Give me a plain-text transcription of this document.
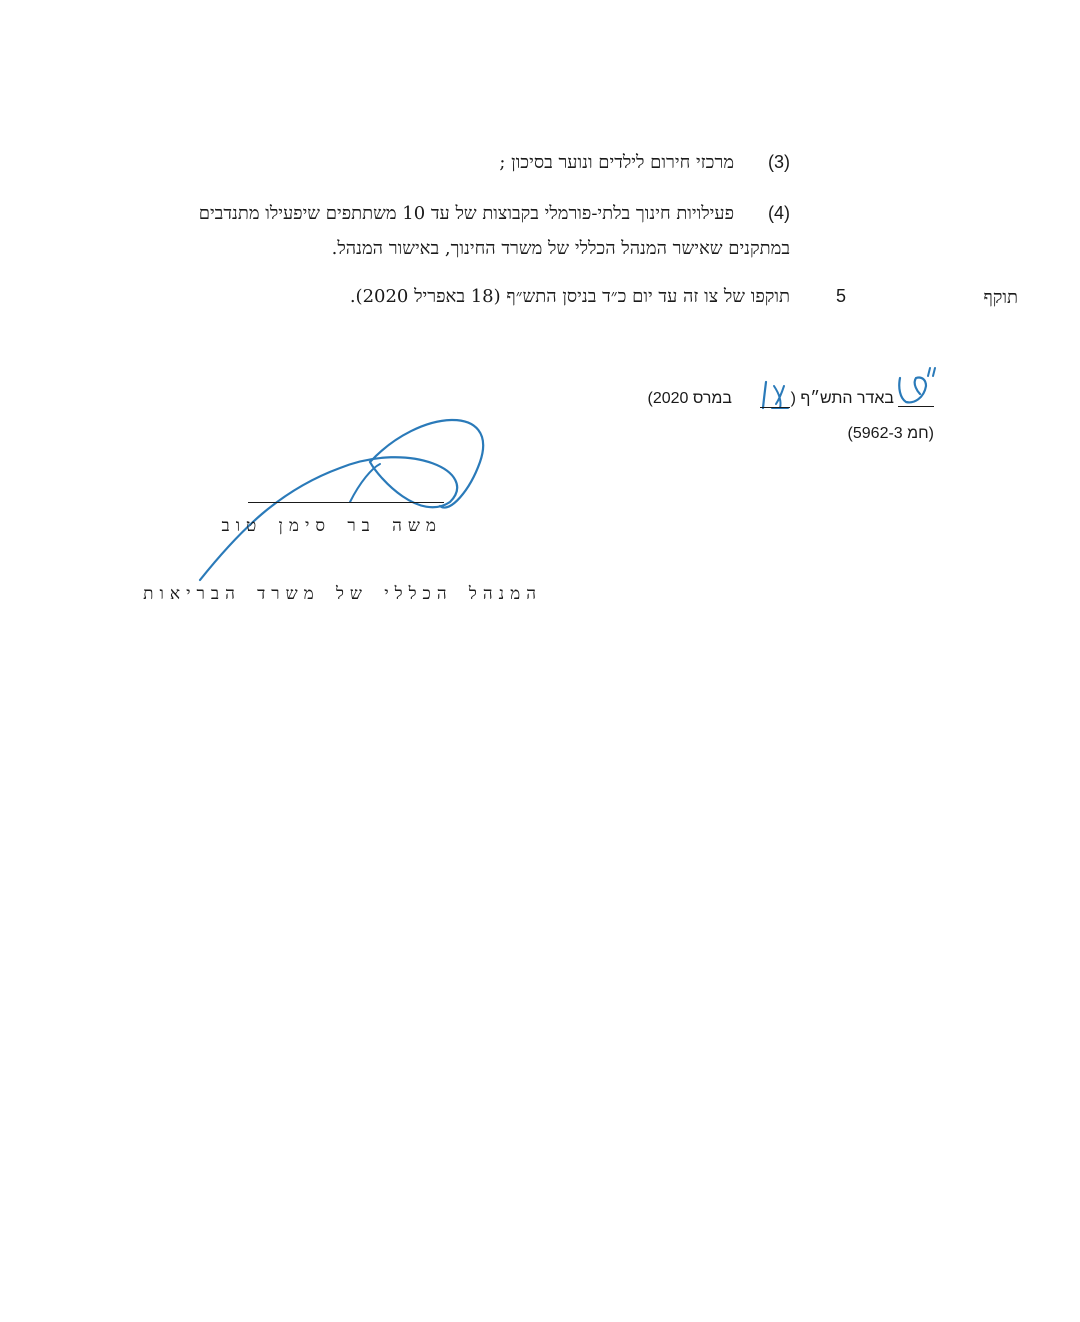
(3)
מרכזי חירום לילדים ונוער בסיכון ;
(4)
פעילויות חינוך בלתי-פורמלי בקבוצות של עד 10 משתתפים שיפעילו מתנדבים
במתקנים שאישר המנהל הכללי של משרד החינוך, באישור המנהל.
תוקף
5
תוקפו של צו זה עד יום כ״ד בניסן התש״ף (18 באפריל 2020).
באדר התש״ף (
במרס 2020)
(חמ 5962-3)
משה בר סימן טוב
המנהל הכללי של משרד הבריאות
